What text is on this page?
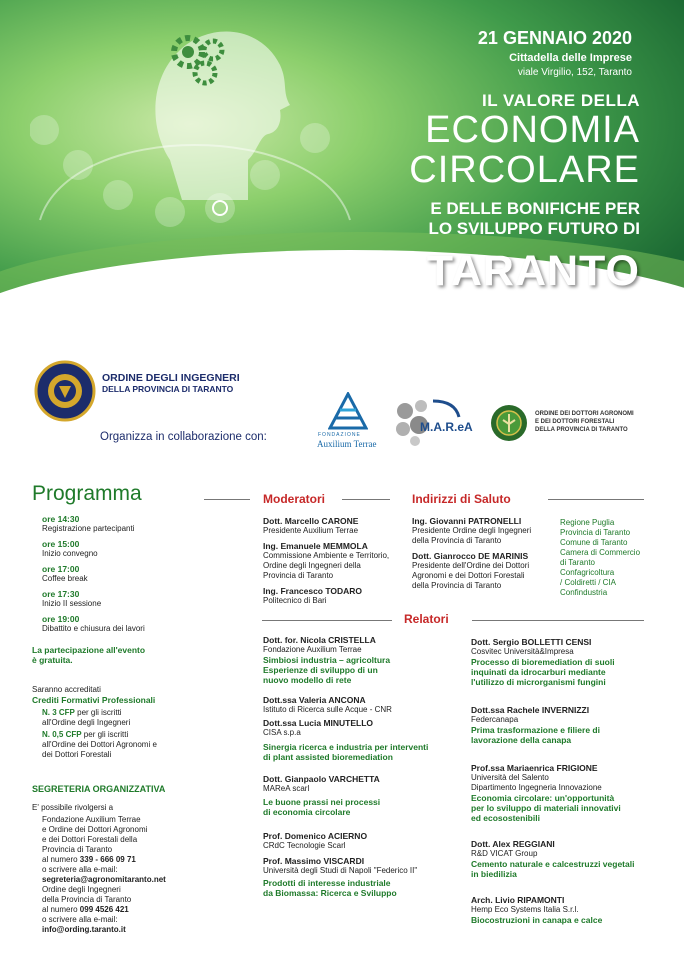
21 GENNAIO 2020
Cittadella delle Imprese
viale Virgilio, 152, Taranto
IL VALORE DELLA
ECONOMIA
CIRCOLARE
E DELLE BONIFICHE PER
LO SVILUPPO FUTURO DI
TARANTO
ORDINE DEGLI INGEGNERI
DELLA PROVINCIA DI TARANTO
Organizza in collaborazione con:	FONDAZIONE
Auxilium Terrae
M.A.R.eA
ORDINE DEI DOTTORI AGRONOMI
E DEI DOTTORI FORESTALI
DELLA PROVINCIA DI TARANTO
Programma
ore 14:30
Registrazione partecipanti
ore 15:00
Inizio convegno
ore 17:00
Coffee break
ore 17:30
Inizio II sessione
ore 19:00
Dibattito e chiusura dei lavori
La partecipazione all'evento
è gratuita.
Saranno accreditati
Crediti Formativi Professionali
N. 3 CFP per gli iscritti
all'Ordine degli Ingegneri
N. 0,5 CFP per gli iscritti
all'Ordine dei Dottori Agronomi e
dei Dottori Forestali
SEGRETERIA ORGANIZZATIVA
E' possibile rivolgersi a
Fondazione Auxilium Terrae
e Ordine dei Dottori Agronomi
e dei Dottori Forestali della
Provincia di Taranto
al numero 339 - 666 09 71
o scrivere alla e-mail:
segreteria@agronomitaranto.net
Ordine degli Ingegneri
della Provincia di Taranto
al numero 099 4526 421
o scrivere alla e-mail:
info@ording.taranto.it
Moderatori
Dott. Marcello CARONE
Presidente Auxilium Terrae
Ing. Emanuele MEMMOLA
Commissione Ambiente e Territorio,
Ordine degli Ingegneri della
Provincia di Taranto
Ing. Francesco TODARO
Politecnico di Bari
Indirizzi di Saluto
Ing. Giovanni PATRONELLI
Presidente Ordine degli Ingegneri
della Provincia di Taranto
Dott. Gianrocco DE MARINIS
Presidente dell'Ordine dei Dottori
Agronomi e dei Dottori Forestali
della Provincia di Taranto
Regione Puglia
Provincia di Taranto
Comune di Taranto
Camera di Commercio
di Taranto
Confagricoltura
/ Coldiretti / CIA
Confindustria
Relatori
Dott. for. Nicola CRISTELLA
Fondazione Auxilium Terrae
Simbiosi industria – agricoltura
Esperienze di sviluppo di un
nuovo modello di rete
Dott.ssa Valeria ANCONA
Istituto di Ricerca sulle Acque - CNR
Dott.ssa Lucia MINUTELLO
CISA s.p.a
Sinergia ricerca e industria per interventi
di plant assisted bioremediation
Dott. Gianpaolo VARCHETTA
MAReA scarl
Le buone prassi nei processi
di economia circolare
Prof. Domenico ACIERNO
CRdC Tecnologie Scarl
Prof. Massimo VISCARDI
Università degli Studi di Napoli "Federico II"
Prodotti di interesse industriale
da Biomassa: Ricerca e Sviluppo
Dott. Sergio BOLLETTI CENSI
Cosvitec Università&Impresa
Processo di bioremediation di suoli
inquinati da idrocarburi mediante
l'utilizzo di microrganismi fungini
Dott.ssa Rachele INVERNIZZI
Federcanapa
Prima trasformazione e filiere di
lavorazione della canapa
Prof.ssa Mariaenrica FRIGIONE
Università del Salento
Dipartimento Ingegneria Innovazione
Economia circolare: un'opportunità
per lo sviluppo di materiali innovativi
ed ecosostenibili
Dott. Alex REGGIANI
R&D VICAT Group
Cemento naturale e calcestruzzi vegetali
in biedilizia
Arch. Livio RIPAMONTI
Hemp Eco Systems Italia S.r.l.
Biocostruzioni in canapa e calce
